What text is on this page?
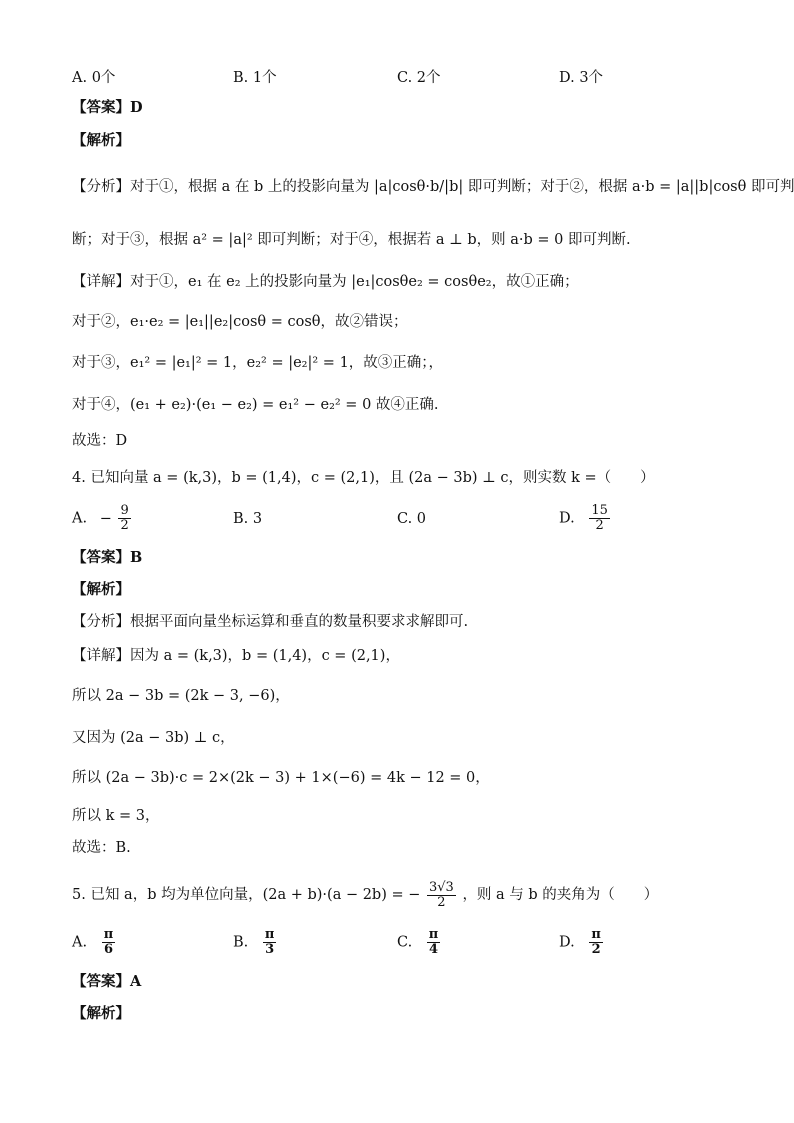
A. 0个	B. 1个	C. 2个	D. 3个
【答案】D
【解析】
【分析】对于①，根据 a 在 b 上的投影向量为 |a|cosθ·b/|b| 即可判断；对于②，根据 a·b = |a||b|cosθ 即可判
断；对于③，根据 a² = |a|² 即可判断；对于④，根据若 a ⊥ b，则 a·b = 0 即可判断.
【详解】对于①，e₁ 在 e₂ 上的投影向量为 |e₁|cosθe₂ = cosθe₂，故①正确；
对于②，e₁·e₂ = |e₁||e₂|cosθ = cosθ，故②错误；
对于③，e₁² = |e₁|² = 1，e₂² = |e₂|² = 1，故③正确；，
对于④，(e₁ + e₂)·(e₁ − e₂) = e₁² − e₂² = 0 故④正确.
故选：D
4. 已知向量 a = (k,3)，b = (1,4)，c = (2,1)，且 (2a − 3b) ⊥ c，则实数 k =（　　）
A. − $\frac{9}{2}$	B. 3	C. 0	D. $\frac{15}{2}$
【答案】B
【解析】
【分析】根据平面向量坐标运算和垂直的数量积要求求解即可.
【详解】因为 a = (k,3)，b = (1,4)，c = (2,1)，
所以 2a − 3b = (2k − 3, −6)，
又因为 (2a − 3b) ⊥ c，
所以 (2a − 3b)·c = 2×(2k − 3) + 1×(−6) = 4k − 12 = 0，
所以 k = 3，
故选：B.
5. 已知 a，b 均为单位向量，(2a + b)·(a − 2b) = − $\frac{3√3}{2}$ ，则 a 与 b 的夹角为（　　）
A. $\frac{\pi}{6}$	B. $\frac{\pi}{3}$	C. $\frac{\pi}{4}$	D. $\frac{\pi}{2}$
【答案】A
【解析】
